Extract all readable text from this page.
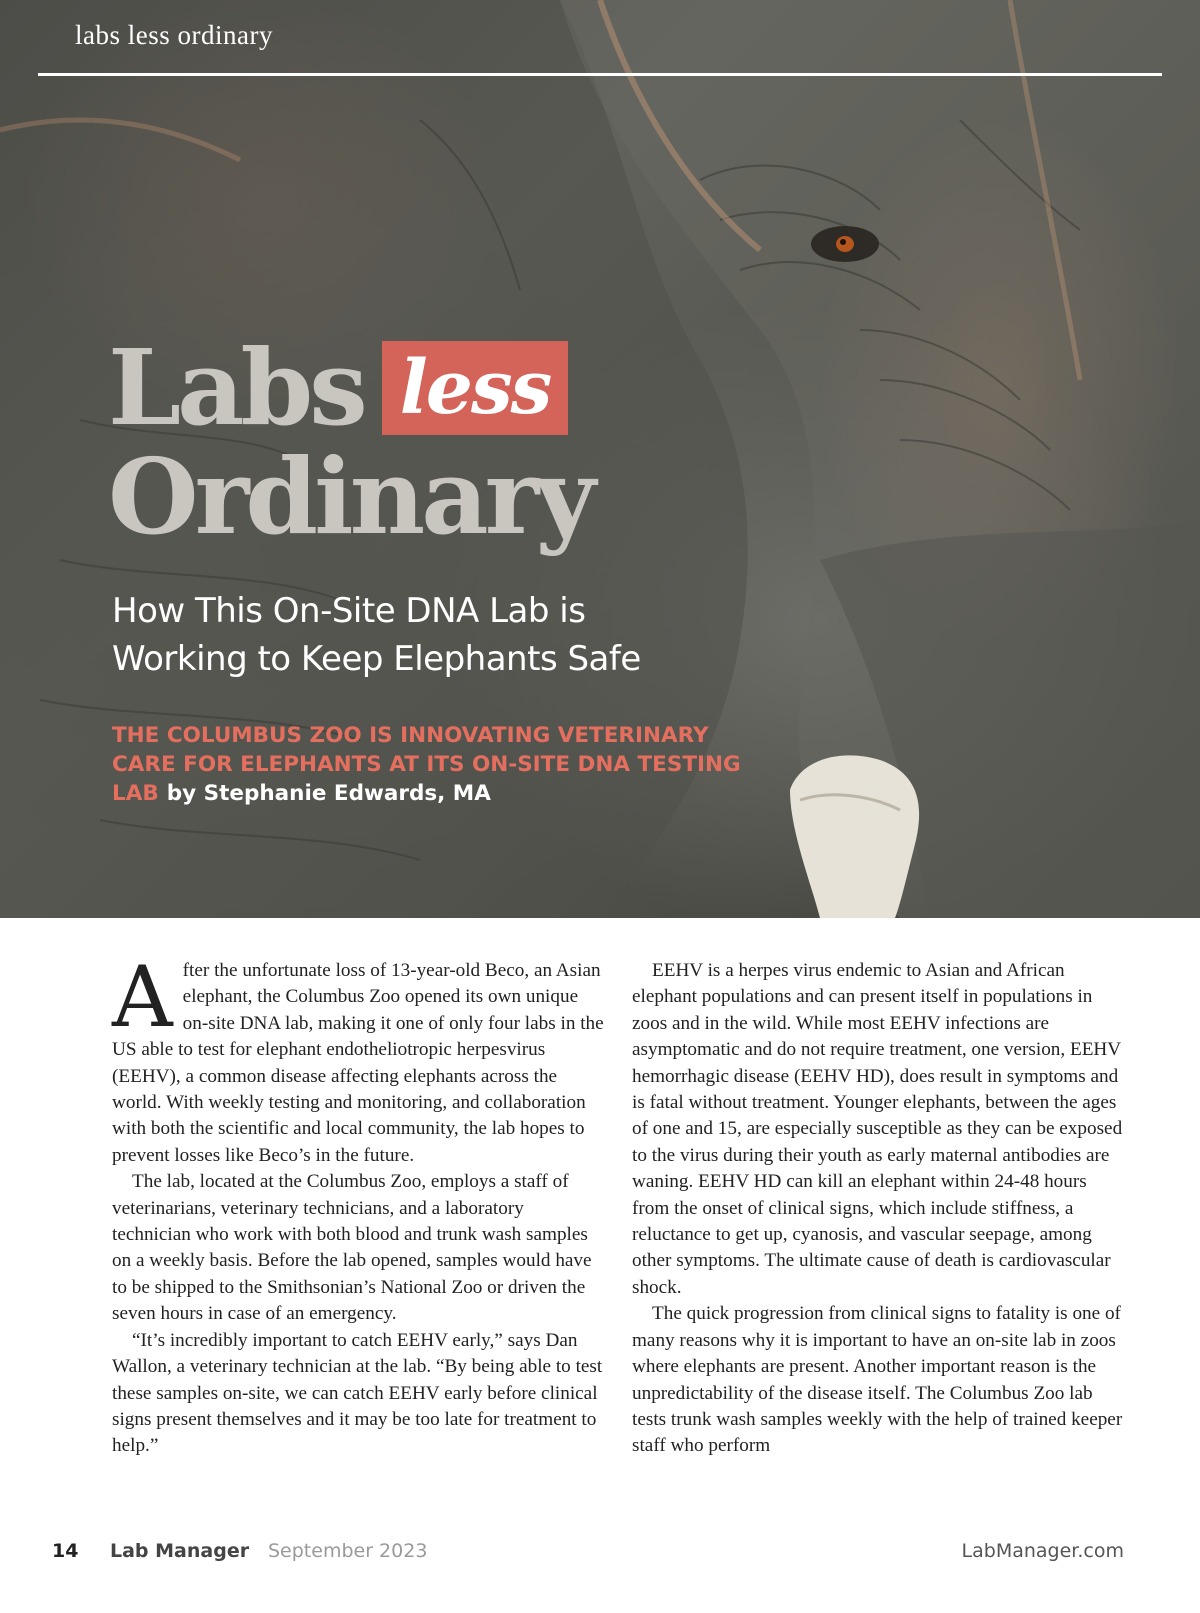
labs less ordinary
Labs less
Ordinary
How This On-Site DNA Lab is
Working to Keep Elephants Safe
THE COLUMBUS ZOO IS INNOVATING VETERINARY CARE FOR ELEPHANTS AT ITS ON-SITE DNA TESTING LAB by Stephanie Edwards, MA

After the unfortunate loss of 13-year-old Beco, an Asian elephant, the Columbus Zoo opened its own unique on-site DNA lab, making it one of only four labs in the US able to test for elephant endotheliotropic herpesvirus (EEHV), a common disease affecting elephants across the world. With weekly testing and monitoring, and collaboration with both the scientific and local community, the lab hopes to prevent losses like Beco’s in the future.

The lab, located at the Columbus Zoo, employs a staff of veterinarians, veterinary technicians, and a laboratory technician who work with both blood and trunk wash samples on a weekly basis. Before the lab opened, samples would have to be shipped to the Smithsonian’s National Zoo or driven the seven hours in case of an emergency.

“It’s incredibly important to catch EEHV early,” says Dan Wallon, a veterinary technician at the lab. “By being able to test these samples on-site, we can catch EEHV early before clinical signs present themselves and it may be too late for treatment to help.”

EEHV is a herpes virus endemic to Asian and African elephant populations and can present itself in populations in zoos and in the wild. While most EEHV infections are asymptomatic and do not require treatment, one version, EEHV hemorrhagic disease (EEHV HD), does result in symptoms and is fatal without treatment. Younger elephants, between the ages of one and 15, are especially susceptible as they can be exposed to the virus during their youth as early maternal antibodies are waning. EEHV HD can kill an elephant within 24-48 hours from the onset of clinical signs, which include stiffness, a reluctance to get up, cyanosis, and vascular seepage, among other symptoms. The ultimate cause of death is cardiovascular shock.

The quick progression from clinical signs to fatality is one of many reasons why it is important to have an on-site lab in zoos where elephants are present. Another important reason is the unpredictability of the disease itself. The Columbus Zoo lab tests trunk wash samples weekly with the help of trained keeper staff who perform

14 Lab Manager September 2023	LabManager.com
